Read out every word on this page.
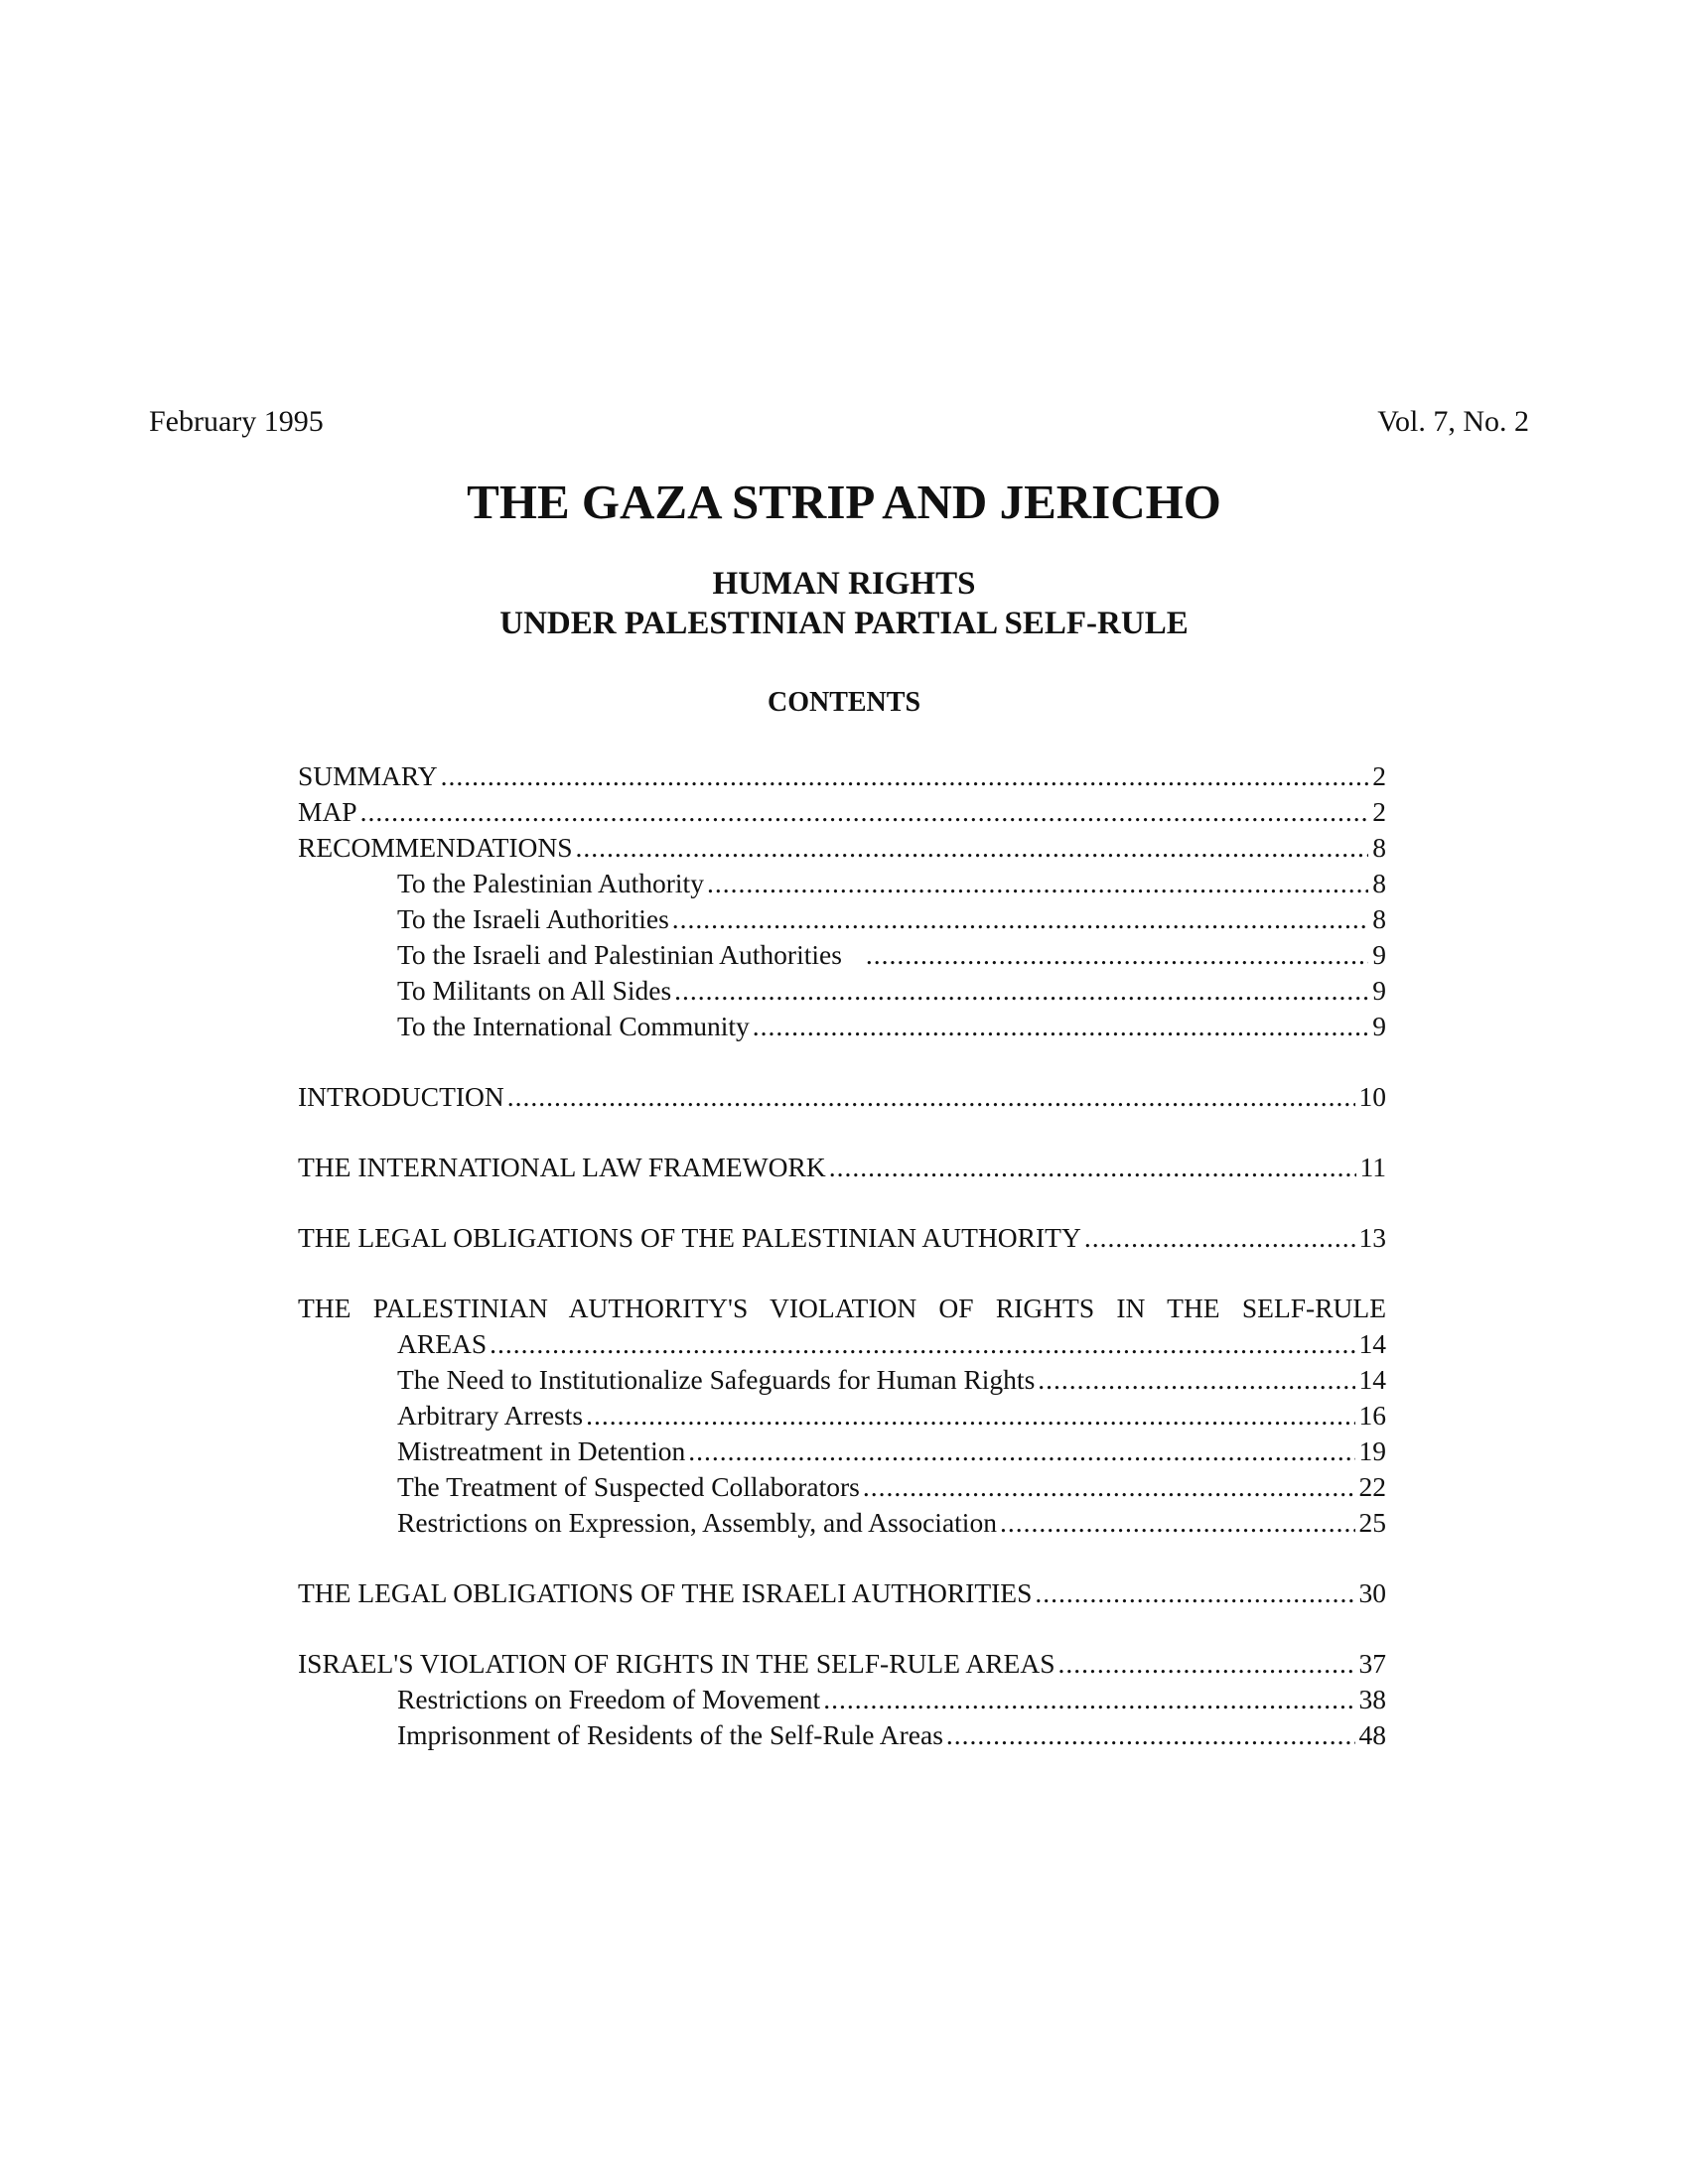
February 1995	Vol. 7, No. 2
THE GAZA STRIP AND JERICHO
HUMAN RIGHTS
UNDER PALESTINIAN PARTIAL SELF-RULE
CONTENTS
SUMMARY .....	2
MAP .....	2
RECOMMENDATIONS .....	8
To the Palestinian Authority .....	8
To the Israeli Authorities .....	8
To the Israeli and Palestinian Authorities .....	9
To Militants on All Sides .....	9
To the International Community .....	9
INTRODUCTION .....	10
THE INTERNATIONAL LAW FRAMEWORK .....	11
THE LEGAL OBLIGATIONS OF THE PALESTINIAN AUTHORITY .....	13
THE PALESTINIAN AUTHORITY'S VIOLATION OF RIGHTS IN THE SELF-RULE
AREAS .....	14
The Need to Institutionalize Safeguards for Human Rights .....	14
Arbitrary Arrests .....	16
Mistreatment in Detention .....	19
The Treatment of Suspected Collaborators .....	22
Restrictions on Expression, Assembly, and Association .....	25
THE LEGAL OBLIGATIONS OF THE ISRAELI AUTHORITIES .....	30
ISRAEL'S VIOLATION OF RIGHTS IN THE SELF-RULE AREAS .....	37
Restrictions on Freedom of Movement .....	38
Imprisonment of Residents of the Self-Rule Areas .....	48
